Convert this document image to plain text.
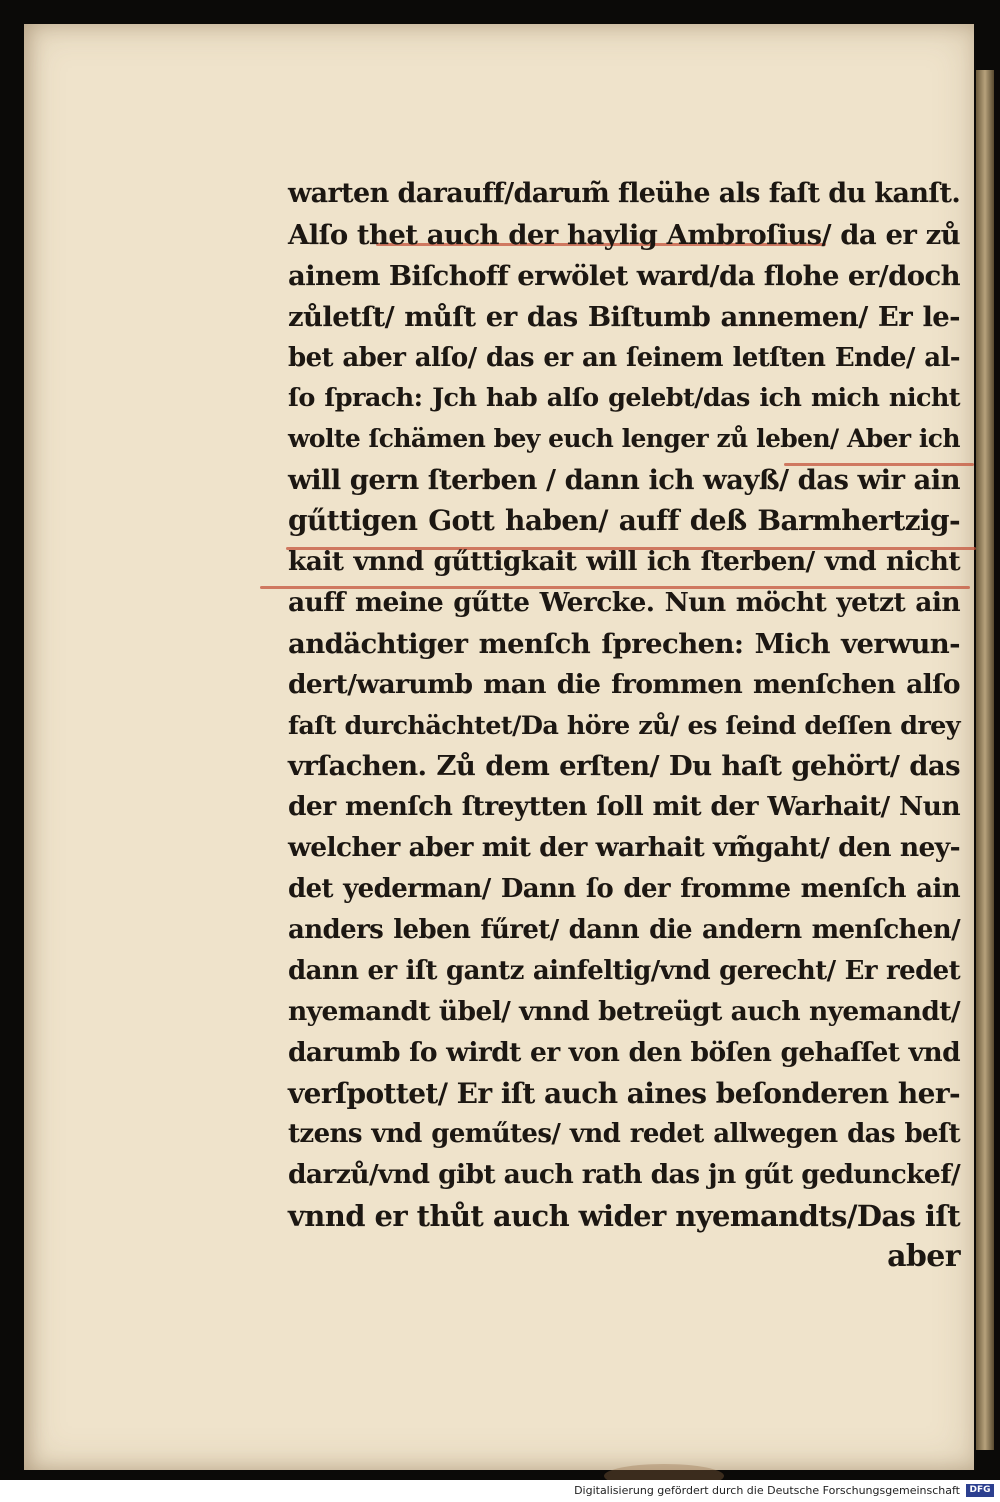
warten darauff/darum̃ fleühe als faſt du kanſt.
Alſo thet auch der haylig Ambroſius/ da er zů
ainem Biſchoff erwölet ward/da flohe er/doch
zůletſt/ můſt er das Biſtumb annemen/ Er le-
bet aber alſo/ das er an ſeinem letſten Ende/ al-
ſo ſprach: Jch hab alſo gelebt/das ich mich nicht
wolte ſchämen bey euch lenger zů leben/ Aber ich
will gern ſterben / dann ich wayß/ das wir ain
gűttigen Gott haben/ auff deß Barmhertzig-
kait vnnd gűttigkait will ich ſterben/ vnd nicht
auff meine gűtte Wercke. Nun möcht yetzt ain
andächtiger menſch ſprechen: Mich verwun-
dert/warumb man die frommen menſchen alſo
faſt durchächtet/Da höre zů/ es ſeind deſſen drey
vrſachen. Zů dem erſten/ Du haſt gehört/ das
der menſch ſtreytten ſoll mit der Warhait/ Nun
welcher aber mit der warhait vm̃gaht/ den ney-
det yederman/ Dann ſo der fromme menſch ain
anders leben fűret/ dann die andern menſchen/
dann er iſt gantz ainfeltig/vnd gerecht/ Er redet
nyemandt übel/ vnnd betreügt auch nyemandt/
darumb ſo wirdt er von den böſen gehaſſet vnd
verſpottet/ Er iſt auch aines beſonderen her-
tzens vnd geműtes/ vnd redet allwegen das beſt
darzů/vnd gibt auch rath das jn gűt gedunckef/
vnnd er thůt auch wider nyemandts/Das iſt
aber
Digitalisierung gefördert durch die Deutsche Forschungsgemeinschaft	DFG
